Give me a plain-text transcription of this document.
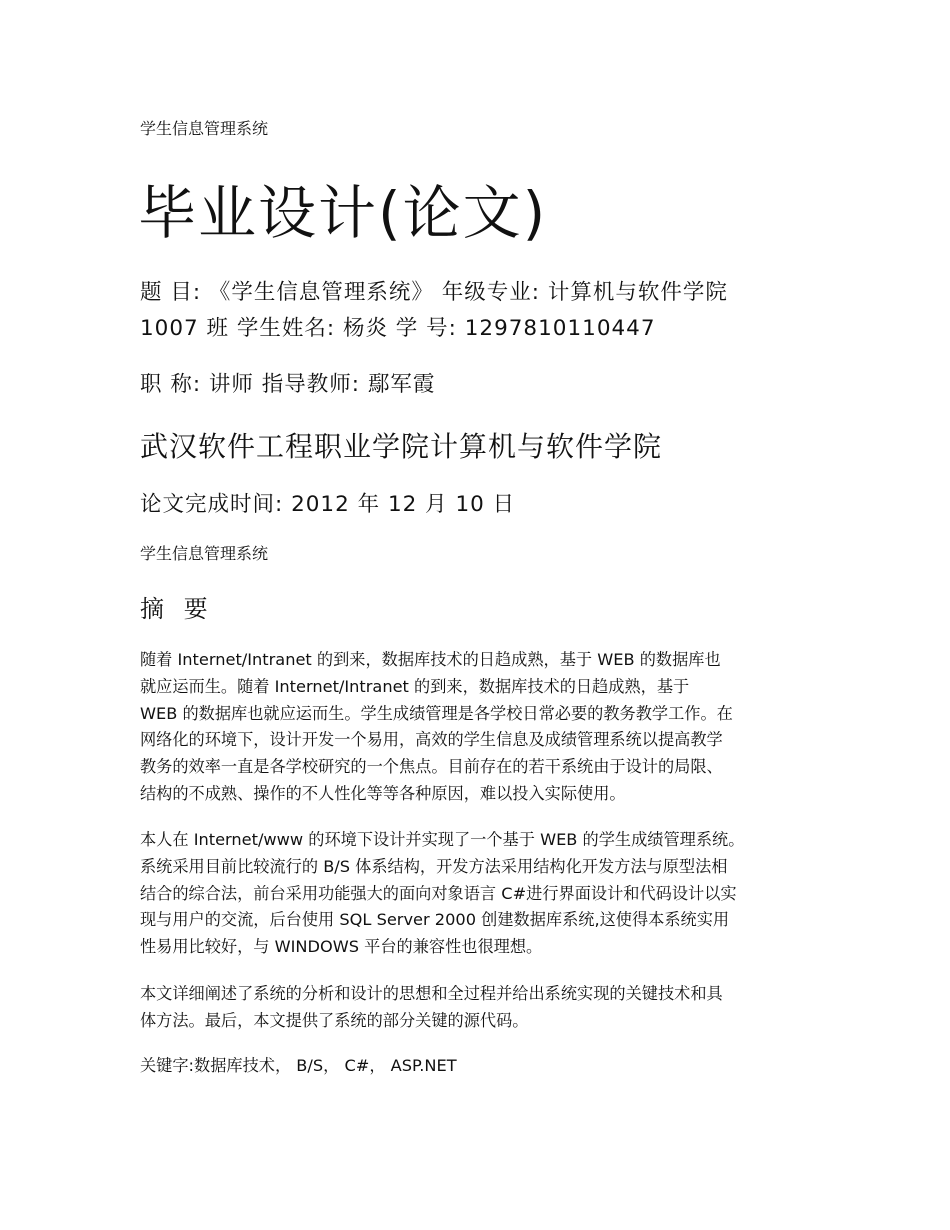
学生信息管理系统
毕业设计(论文)
题 目: 《学生信息管理系统》 年级专业: 计算机与软件学院
1007 班 学生姓名: 杨炎 学 号: 1297810110447
职 称: 讲师 指导教师: 鄢军霞
武汉软件工程职业学院计算机与软件学院
论文完成时间: 2012 年 12 月 10 日
学生信息管理系统
摘 要
随着 Internet/Intranet 的到来，数据库技术的日趋成熟，基于 WEB 的数据库也
就应运而生。随着 Internet/Intranet 的到来，数据库技术的日趋成熟，基于
WEB 的数据库也就应运而生。学生成绩管理是各学校日常必要的教务教学工作。在
网络化的环境下，设计开发一个易用，高效的学生信息及成绩管理系统以提高教学
教务的效率一直是各学校研究的一个焦点。目前存在的若干系统由于设计的局限、
结构的不成熟、操作的不人性化等等各种原因，难以投入实际使用。
本人在 Internet/www 的环境下设计并实现了一个基于 WEB 的学生成绩管理系统。
系统采用目前比较流行的 B/S 体系结构，开发方法采用结构化开发方法与原型法相
结合的综合法，前台采用功能强大的面向对象语言 C#进行界面设计和代码设计以实
现与用户的交流，后台使用 SQL Server 2000 创建数据库系统,这使得本系统实用
性易用比较好，与 WINDOWS 平台的兼容性也很理想。
本文详细阐述了系统的分析和设计的思想和全过程并给出系统实现的关键技术和具
体方法。最后，本文提供了系统的部分关键的源代码。
关键字:数据库技术， B/S， C#， ASP.NET
